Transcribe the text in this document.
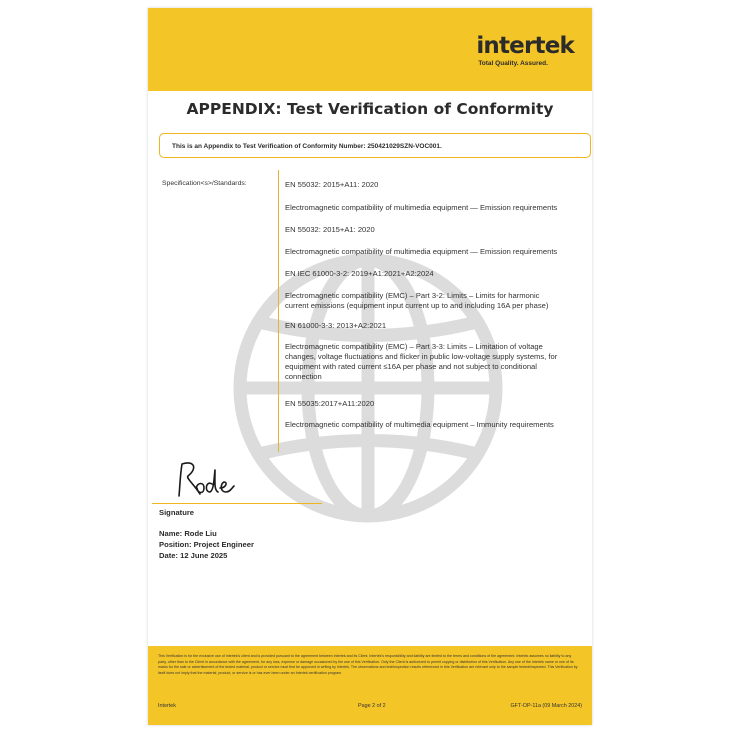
intertek
Total Quality. Assured.
APPENDIX: Test Verification of Conformity
This is an Appendix to Test Verification of Conformity Number: 250421029SZN-VOC001.
Specification<s>/Standards:	EN 55032: 2015+A11: 2020
Electromagnetic compatibility of multimedia equipment — Emission requirements
EN 55032: 2015+A1: 2020
Electromagnetic compatibility of multimedia equipment — Emission requirements
EN IEC 61000-3-2: 2019+A1:2021+A2:2024
Electromagnetic compatibility (EMC) – Part 3-2: Limits – Limits for harmonic
current emissions (equipment input current up to and including 16A per phase)
EN 61000-3-3: 2013+A2:2021
Electromagnetic compatibility (EMC) – Part 3-3: Limits – Limitation of voltage
changes, voltage fluctuations and flicker in public low-voltage supply systems, for
equipment with rated current ≤16A per phase and not subject to conditional
connection
EN 55035:2017+A11:2020
Electromagnetic compatibility of multimedia equipment – Immunity requirements
Signature
Name: Rode Liu
Position: Project Engineer
Date: 12 June 2025
This Verification is for the exclusive use of Intertek's client and is provided pursuant to the agreement between Intertek and its Client. Intertek's responsibility and liability are limited to the terms and conditions of the agreement. Intertek assumes no liability to any party, other than to the Client in accordance with the agreement, for any loss, expense or damage occasioned by the use of this Verification. Only the Client is authorized to permit copying or distribution of this Verification. Any use of the Intertek name or one of its marks for the sale or advertisement of the tested material, product or service must first be approved in writing by Intertek. The observations and test/inspection results referenced in this Verification are relevant only to the sample tested/inspected. This Verification by itself does not imply that the material, product, or service is or has ever been under an Intertek certification program.
Intertek	Page 2 of 2	GFT-OP-11a (09 March 2024)
